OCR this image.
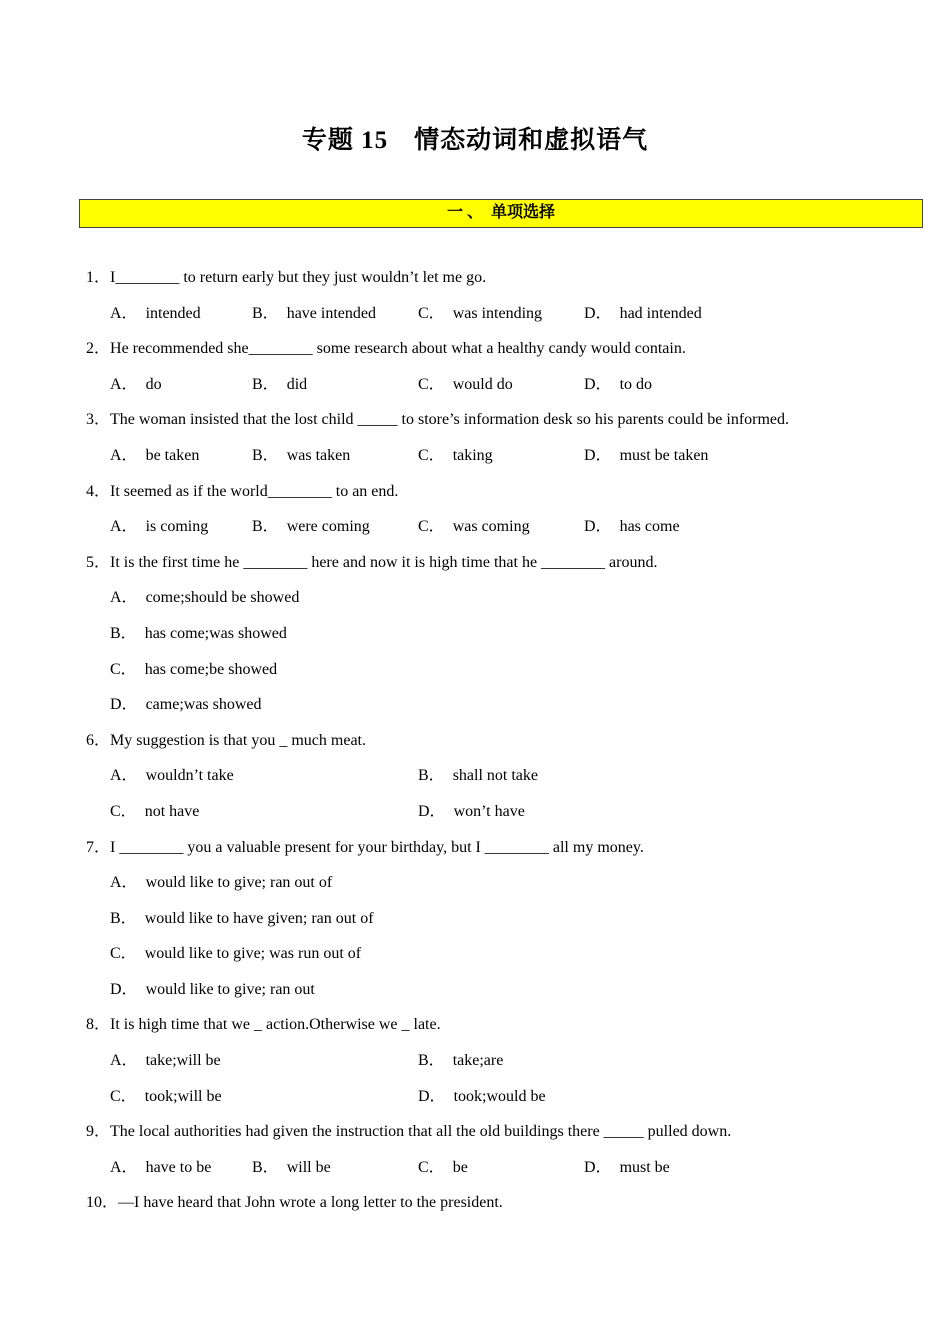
专题 15　情态动词和虚拟语气
一 、　单项选择
1．I________ to return early but they just wouldn’t let me go.
A． intended	B． have intended	C． was intending	D． had intended
2．He recommended she________ some research about what a healthy candy would contain.
A． do	B． did	C． would do	D． to do
3．The woman insisted that the lost child _____ to store’s information desk so his parents could be informed.
A． be taken	B． was taken	C． taking	D． must be taken
4．It seemed as if the world________ to an end.
A． is coming	B． were coming	C． was coming	D． has come
5．It is the first time he ________ here and now it is high time that he ________ around.
A． come;should be showed
B． has come;was showed
C． has come;be showed
D． came;was showed
6．My suggestion is that you _ much meat.
A． wouldn’t take	B． shall not take
C． not have	D． won’t have
7．I ________ you a valuable present for your birthday, but I ________ all my money.
A． would like to give; ran out of
B． would like to have given; ran out of
C． would like to give; was run out of
D． would like to give; ran out
8．It is high time that we _ action.Otherwise we _ late.
A． take;will be	B． take;are
C． took;will be	D． took;would be
9．The local authorities had given the instruction that all the old buildings there _____ pulled down.
A． have to be	B． will be	C． be	D． must be
10．—I have heard that John wrote a long letter to the president.
